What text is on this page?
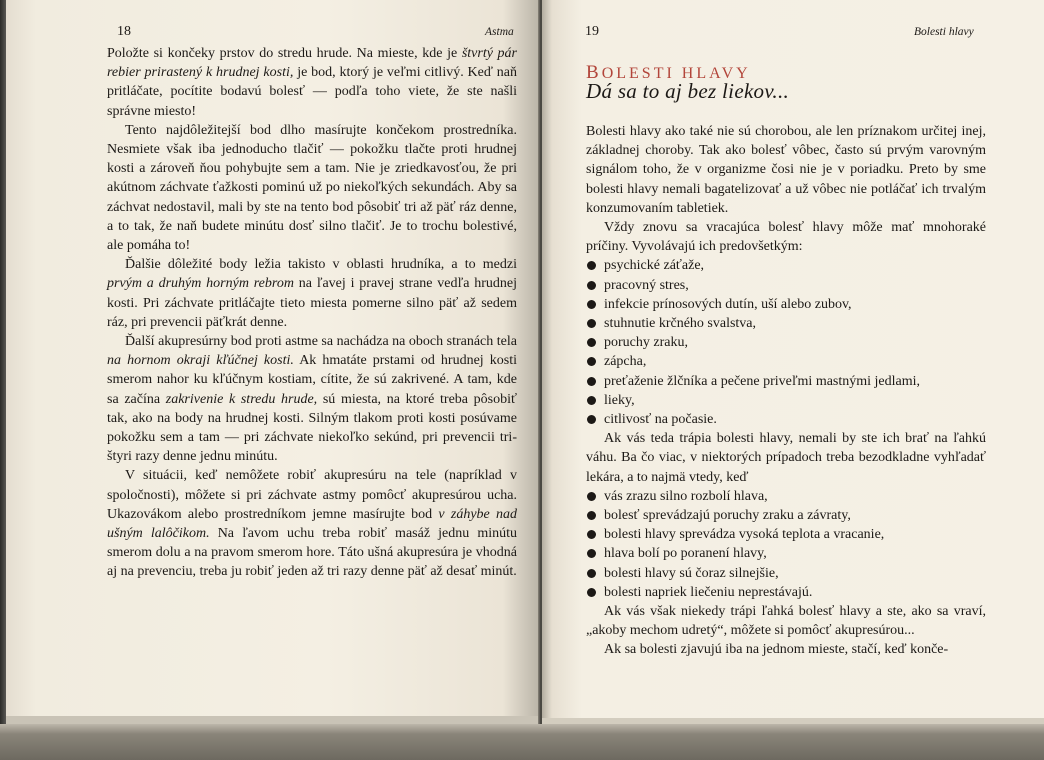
18	Astma

Položte si končeky prstov do stredu hrude. Na mieste, kde je štvrtý pár rebier prirastený k hrudnej kosti, je bod, ktorý je veľmi citlivý. Keď naň pritláčate, pocítite bodavú bolesť — podľa toho viete, že ste našli správne miesto!

Tento najdôležitejší bod dlho masírujte končekom prostredníka. Nesmiete však iba jednoducho tlačiť — pokožku tlačte proti hrudnej kosti a zároveň ňou pohybujte sem a tam. Nie je zriedkavosťou, že pri akútnom záchvate ťažkosti pominú už po niekoľkých sekundách. Aby sa záchvat nedostavil, mali by ste na tento bod pôsobiť tri až päť ráz denne, a to tak, že naň budete minútu dosť silno tlačiť. Je to trochu bolestivé, ale pomáha to!

Ďalšie dôležité body ležia takisto v oblasti hrudníka, a to medzi prvým a druhým horným rebrom na ľavej i pravej strane vedľa hrudnej kosti. Pri záchvate pritláčajte tieto miesta pomerne silno päť až sedem ráz, pri prevencii päťkrát denne.

Ďalší akupresúrny bod proti astme sa nachádza na oboch stranách tela na hornom okraji kľúčnej kosti. Ak hmatáte prstami od hrudnej kosti smerom nahor ku kľúčnym kostiam, cítite, že sú zakrivené. A tam, kde sa začína zakrivenie k stredu hrude, sú miesta, na ktoré treba pôsobiť tak, ako na body na hrudnej kosti. Silným tlakom proti kosti posúvame pokožku sem a tam — pri záchvate niekoľko sekúnd, pri prevencii tri-štyri razy denne jednu minútu.

V situácii, keď nemôžete robiť akupresúru na tele (napríklad v spoločnosti), môžete si pri záchvate astmy pomôcť akupresúrou ucha. Ukazovákom alebo prostredníkom jemne masírujte bod v záhybe nad ušným lalôčikom. Na ľavom uchu treba robiť masáž jednu minútu smerom dolu a na pravom smerom hore. Táto ušná akupresúra je vhodná aj na prevenciu, treba ju robiť jeden až tri razy denne päť až desať minút.

19	Bolesti hlavy
BOLESTI HLAVY
Dá sa to aj bez liekov...

Bolesti hlavy ako také nie sú chorobou, ale len príznakom určitej inej, základnej choroby. Tak ako bolesť vôbec, často sú prvým varovným signálom toho, že v organizme čosi nie je v poriadku. Preto by sme bolesti hlavy nemali bagatelizovať a už vôbec nie potláčať ich trvalým konzumovaním tabletiek.

Vždy znovu sa vracajúca bolesť hlavy môže mať mnohoraké príčiny. Vyvolávajú ich predovšetkým:

psychické záťaže,
pracovný stres,
infekcie prínosových dutín, uší alebo zubov,
stuhnutie krčného svalstva,
poruchy zraku,
zápcha,
preťaženie žlčníka a pečene priveľmi mastnými jedlami,
lieky,
citlivosť na počasie.

Ak vás teda trápia bolesti hlavy, nemali by ste ich brať na ľahkú váhu. Ba čo viac, v niektorých prípadoch treba bezodkladne vyhľadať lekára, a to najmä vtedy, keď

vás zrazu silno rozbolí hlava,
bolesť sprevádzajú poruchy zraku a závraty,
bolesti hlavy sprevádza vysoká teplota a vracanie,
hlava bolí po poranení hlavy,
bolesti hlavy sú čoraz silnejšie,
bolesti napriek liečeniu neprestávajú.

Ak vás však niekedy trápi ľahká bolesť hlavy a ste, ako sa vraví, „akoby mechom udretý“, môžete si pomôcť akupresúrou...

Ak sa bolesti zjavujú iba na jednom mieste, stačí, keď konče-
